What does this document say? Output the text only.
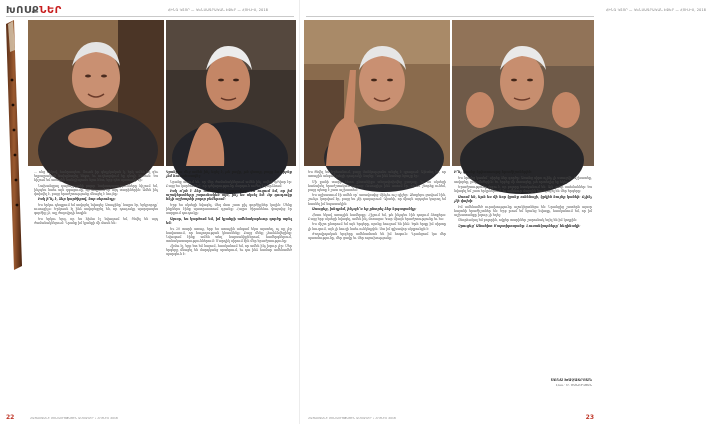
ԽՈՍՔՆԵՐ	ՀԻՆԳ ԿՏՈՐ — ԿԵՆՍԱԳՐԱԿԱՆ ԷՋԵՐ — ՀՈՒԼԻՍ, 2018

... ոնց մեկով, հանրապետ. Ծուռն իր գեղջկական կ, երկ ամեն եղ զեւ եղբայրական նախընտրել ննջտ, եւ ուղեւորվում եք դեպի հեռուն։ Ես հիշում եմ առաջին հանդիպումս նրա հետ, երբ դեռ պատանի էի։

Նախանցյալ դարաշրջանի բոլոր նախադասությունները հիշում եմ, ինչպես նաեւ այն զգացումը, որ ապրում էի այդ տարիներին։ Ամեն ինչ փոխվել է, բայց երաժշտությունը մնացել է նույնը։

Իսկ ի՞նչ է, ձեր կարծիքով, նոր սերունդը։

Ես երկու դեպքում եմ սովորել նվագել։ Առաջինը՝ հայրս էր, երկրորդը՝ ուսուցիչս։ Երկուսն էլ ինձ սովորեցրել են, որ դուդուկը պարզապես գործիք չէ, այլ ժողովրդի հոգին։

Ես երկու երգ, որ ես հիմա էլ նվագում եմ, ծնվել են այդ ժամանակներում։ Դրանք իմ կյանքի մի մասն են։

Կյանքիս մեջ ամեն ինչ եղել է, թե լավը, թե վատը, բայց ես երբեք չեմ հուսահատվել։

Նրանք ասում են, որ մեր ժամանակներում ամեն ինչ ավելի դժվար էր։ Բայց ես կարծում եմ, որ դժվարությունը մարդուն ուժեղ է դարձնում։

Իսկ ո՞րն է ձեր ամենամեծ երազանքը։ Ես ուզում եմ, որ իմ աշակերտները շարունակեն այն, ինչ ես սկսել եմ։ Որ դուդուկը հնչի աշխարհի բոլոր բեմերում։

Երբ ես սկսեցի նվագել, մեզ մոտ շատ քիչ գործիքներ կային։ Մենք ինքներս էինք պատրաստում դրանք։ Հայրս ծիրանենու փայտից էր սարքում դուդուկը։

Այսօր, ես կարծում եմ, իմ կյանքի ամենակարեւոր գործը արել եմ։

Եւ 20 տարի առաջ, երբ ես առաջին անգամ եկա այստեղ, ոչ ոք չէր հավատում, որ հաջողության կհասնենք։ Բայց մենք չհանձնվեցինք։ Նվագում էինք ամեն տեղ՝ հարսանիքներում, համերգներում, տոնակատարություններում։ Մարդիկ սիրում էին մեր երաժշտությունը։

Հիմա էլ, երբ ետ եմ նայում, հասկանում եմ, որ ամեն ինչ իզուր չէր։ Մեր երգերը մնացել են մարդկանց սրտերում, եւ դա ինձ համար ամենամեծ պարգեւն է։

ՀԱՅԱՍՏԱՆԻ ՄՇԱԿՈՒՅԹԱՅԻՆ ԱՄՍԱԳԻՐ • ՀՈՒԼԻՍ 2018
22
ՀԻՆԳ ԿՏՈՐ — ԿԵՆՍԱԳՐԱԿԱՆ ԷՋԵՐ — ՀՈՒԼԻՍ, 2018

Ես ծնվել եմ Երեւանում, բայց մանկությունս անցել է գյուղում։ Այնտեղ էր, որ առաջին անգամ լսեցի դուդուկի ձայնը։ Դա ինձ համար հրաշք էր։

Մի քանի տարի հետո ընտանիքս տեղափոխվեց քաղաք, եւ ես սկսեցի հաճախել երաժշտական դպրոց։ Ուսուցիչս ինձ ասում էր, որ ես շնորհք ունեմ, բայց պետք է շատ աշխատեմ։

Ես աշխատում էի ամեն օր՝ առավոտից մինչեւ ուշ գիշեր։ Ձեռքերս ցավում էին, շունչս կտրվում էր, բայց ես չէի դադարում։ Գիտեի, որ միայն այդպես կարող եմ հասնել իմ նպատակին։

Ասացեք, խնդրեմ, ինչպե՞ս եք ընտրել ձեր երգացանկը։

Հետո եկավ առաջին համերգը։ Հիշում եմ, թե ինչպես էին դողում ձեռքերս։ Բայց երբ սկսեցի նվագել, ամեն ինչ մոռացա։ Կար միայն երաժշտությունը եւ ես։

Ես միշտ ընտրում եմ այն երգերը, որոնք հուզում են ինձ։ Եթե երգը իմ սիրտը չի հուզում, այն չի հուզի նաեւ ունկնդրին։ Սա իմ գլխավոր սկզբունքն է։

Ժողովրդական երգերը ամենամոտն են իմ հոգուն։ Դրանցում կա մեր պատմությունը, մեր ցավը եւ մեր ուրախությունը։

Ի՞նչ կասեք երիտասարդ երաժիշտներին։

Ես նրանց կասեմ՝ սիրեք ձեր գործը։ Առանց սիրո ոչինչ չի ստացվի։ Աշխատեք, սովորեք, լսեք մեծերին։ Եւ երբեք մի մոռացեք, թե որտեղից եք եկել։

Երաժշտությունը լեզու է, որ բոլորը հասկանում են։ Այն չունի սահմաններ։ Ես նվագել եմ շատ երկրներում, եւ ամենուր մարդիկ հասկացել են մեր երգերը։

Ասում են, եթե ես մի նոր կյանք ունենայի, կրկին նույնը կանեի։ Ոչինչ չէի փոխի։

Իմ ամենամեծ ուրախությունը աշակերտներս են։ Նրանցից շատերն այսօր հայտնի երաժիշտներ են։ Երբ լսում եմ նրանց նվագը, հասկանում եմ, որ իմ աշխատանքը իզուր չի եղել։

Շնորհակալ եմ բոլորին, ովքեր տարիներ շարունակ եղել են իմ կողքին։

Զրուցեց՝ Անահիտ Մարտիրոսյանը։ Լուսանկարները՝ հեղինակի։

ՍՈՆԱ ԽԱՉԱՏՐՅԱՆ
Լուս.՝ Մ. ՄԱՆՈՒԿՅԱՆ
ՀԱՅԱՍՏԱՆԻ ՄՇԱԿՈՒՅԹԱՅԻՆ ԱՄՍԱԳԻՐ • ՀՈՒԼԻՍ 2018	23
